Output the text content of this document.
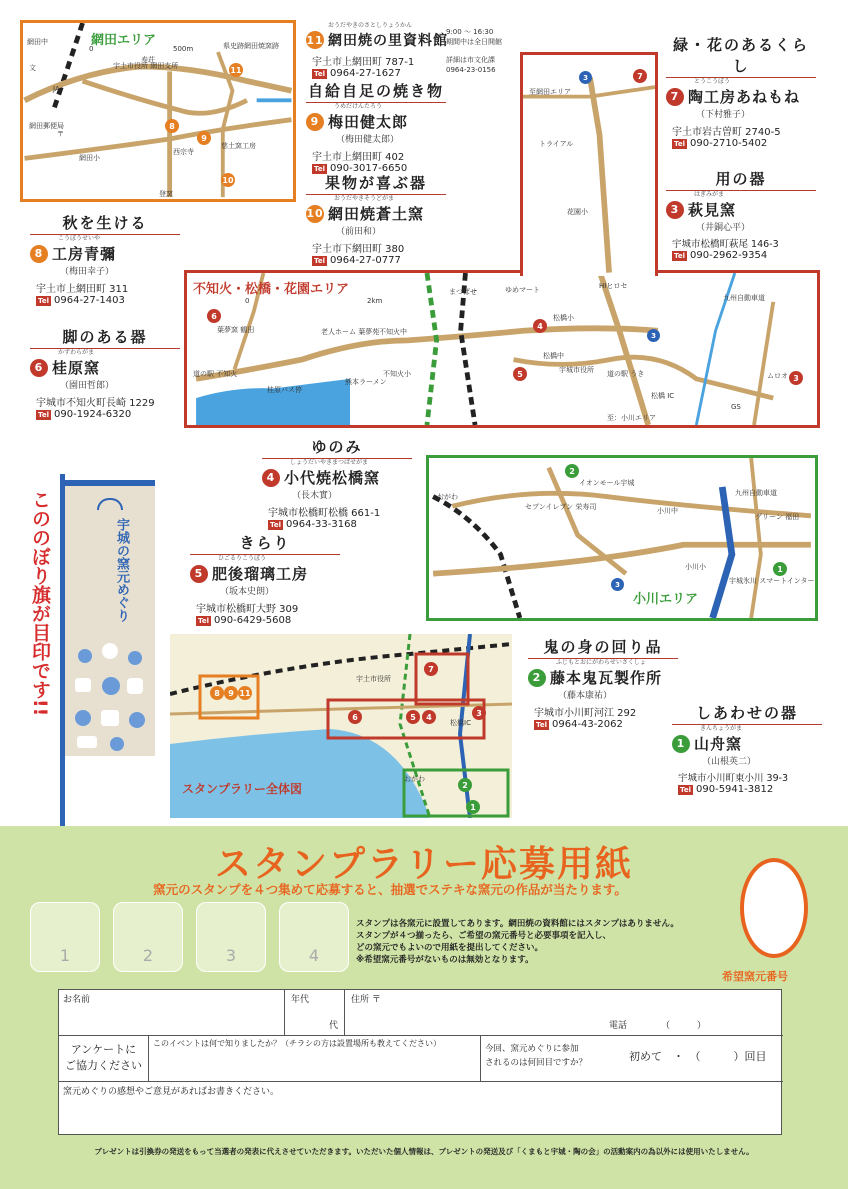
網田エリア
0	500m
網田中
文
JA
網田郵便局
〒
宇土市役所 網田支所
網田小
寿荘
県史跡網田焼窯跡
西宗寺
慈土窯工房
登窯
11
8
9
10
おうだやきのさとしりょうかん
11 網田焼の里資料館
宇土市上網田町 787-1
Tel 0964-27-1627
9:00 ～ 16:30
期間中は全日開館
詳細は市文化課
0964-23-0156
自給自足の焼き物
うめだけんたろう
9 梅田健太郎
（梅田健太郎）
宇土市上網田町 402
Tel 090-3017-6650
果物が喜ぶ器
おうだやきそうどがま
10 網田焼蒼土窯
（前田和）
宇土市下網田町 380
Tel 0964-27-0777
緑・花のあるくらし
とうこうぼう
7 陶工房あねもね
（下村雅子）
宇土市岩古曽町 2740-5
Tel 090-2710-5402
用の器
はぎみがま
3 萩見窯
（井銅心平）
宇城市松橋町萩尾 146-3
Tel 090-2962-9354
秋を生ける
こうぼうせいや
8 工房青彌
（梅田幸子）
宇土市上網田町 311
Tel 0964-27-1403
脚のある器
かずわらがま
6 桂原窯
（園田哲郎）
宇城市不知火町長崎 1229
Tel 090-1924-6320
不知火・松橋・花園エリア
0	2km
道の駅 不知火
葉夢窯 鶴田	老人ホーム 葉夢苑
熊本ラーメン
不知火中
不知火小
桂原バス停
まつばせ	ゆめマート
松橋小
松橋中
宇城市役所 道の駅 うき
HIヒロセ
九州自動車道
ムロオ
GS
松橋 IC
至：小川エリア
6
4
5	3
3
至網田エリア
トライアル
花園小
3	7
ゆのみ
しょうだいやきまつばせがま
4 小代焼松橋窯
（長木實）
宇城市松橋町松橋 661-1
Tel 0964-33-3168
きらり
ひごるりこうぼう
5 肥後瑠璃工房
（坂本史朗）
宇城市松橋町大野 309
Tel 090-6429-5608
おがわ
イオンモール宇城
セブンイレブン 栄寿司	小川中
小川小
九州自動車道
宇城氷川 スマートインター
グリーン 福田
小川エリア
2
1
3
こののぼり旗が目印です!!
宇城の窯元めぐり
宇土市役所
松橋IC
おがわ
スタンプラリー全体図
8	9 11
7
6	5	4	3
2
1
鬼の身の回り品
ふじもとおにがわらせいさくしょ
2 藤本鬼瓦製作所
（藤本康祐）
宇城市小川町河江 292
Tel 0964-43-2062
しあわせの器
きんちょうがま
1 山舟窯
（山根英二）
宇城市小川町東小川 39-3
Tel 090-5941-3812
スタンプラリー応募用紙
窯元のスタンプを４つ集めて応募すると、抽選でステキな窯元の作品が当たります。
1	2	3	4
スタンプは各窯元に設置してあります。網田焼の資料館にはスタンプはありません。
スタンプが４つ揃ったら、ご希望の窯元番号と必要事項を記入し、
どの窯元でもよいので用紙を提出してください。
※希望窯元番号がないものは無効となります。
希望窯元番号
お名前	年代
代
住所 〒
電話	（　　　）
アンケートに
ご協力ください
このイベントは何で知りましたか？（チラシの方は設置場所も教えてください）
今回、窯元めぐりに参加
されるのは何回目ですか？	初めて　・　（　　　）回目
窯元めぐりの感想やご意見があればお書きください。
プレゼントは引換券の発送をもって当選者の発表に代えさせていただきます。いただいた個人情報は、プレゼントの発送及び「くまもと宇城・陶の会」の活動案内の為以外には使用いたしません。
